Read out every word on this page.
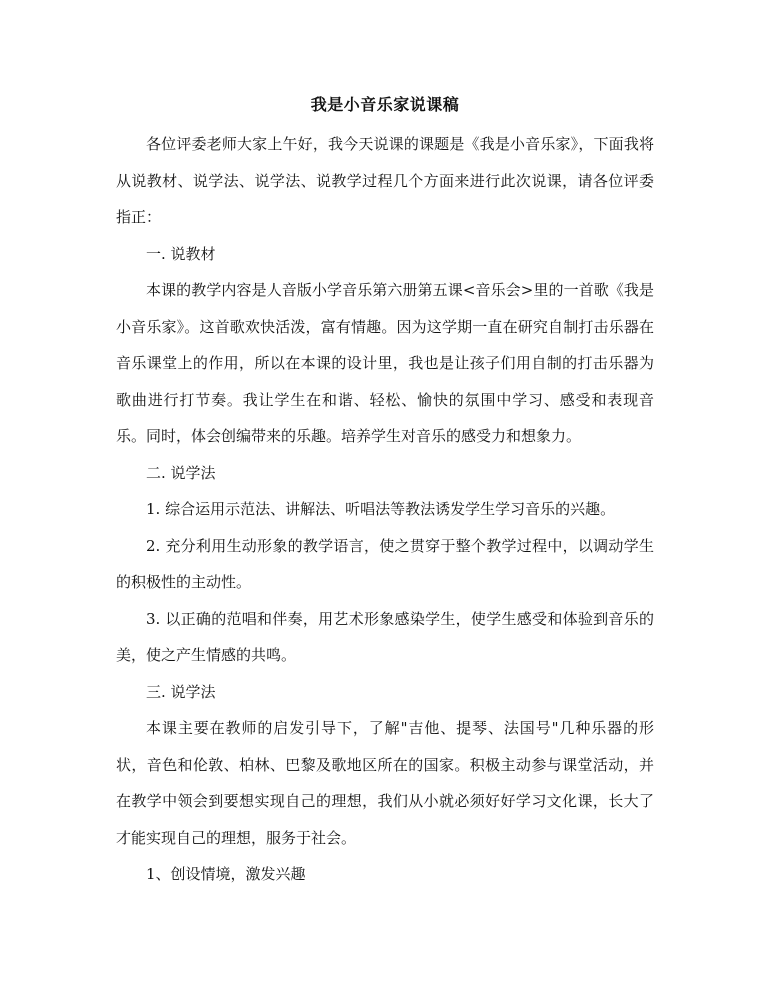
我是小音乐家说课稿

各位评委老师大家上午好，我今天说课的课题是《我是小音乐家》，下面我将从说教材、说学法、说学法、说教学过程几个方面来进行此次说课，请各位评委指正：

一. 说教材

本课的教学内容是人音版小学音乐第六册第五课<音乐会>里的一首歌《我是小音乐家》。这首歌欢快活泼，富有情趣。因为这学期一直在研究自制打击乐器在音乐课堂上的作用，所以在本课的设计里，我也是让孩子们用自制的打击乐器为歌曲进行打节奏。我让学生在和谐、轻松、愉快的氛围中学习、感受和表现音乐。同时，体会创编带来的乐趣。培养学生对音乐的感受力和想象力。

二. 说学法

1. 综合运用示范法、讲解法、听唱法等教法诱发学生学习音乐的兴趣。

2. 充分利用生动形象的教学语言，使之贯穿于整个教学过程中，以调动学生的积极性的主动性。

3. 以正确的范唱和伴奏，用艺术形象感染学生，使学生感受和体验到音乐的美，使之产生情感的共鸣。

三. 说学法

本课主要在教师的启发引导下，了解"吉他、提琴、法国号"几种乐器的形状，音色和伦敦、柏林、巴黎及歌地区所在的国家。积极主动参与课堂活动，并在教学中领会到要想实现自己的理想，我们从小就必须好好学习文化课，长大了才能实现自己的理想，服务于社会。

1、创设情境，激发兴趣
